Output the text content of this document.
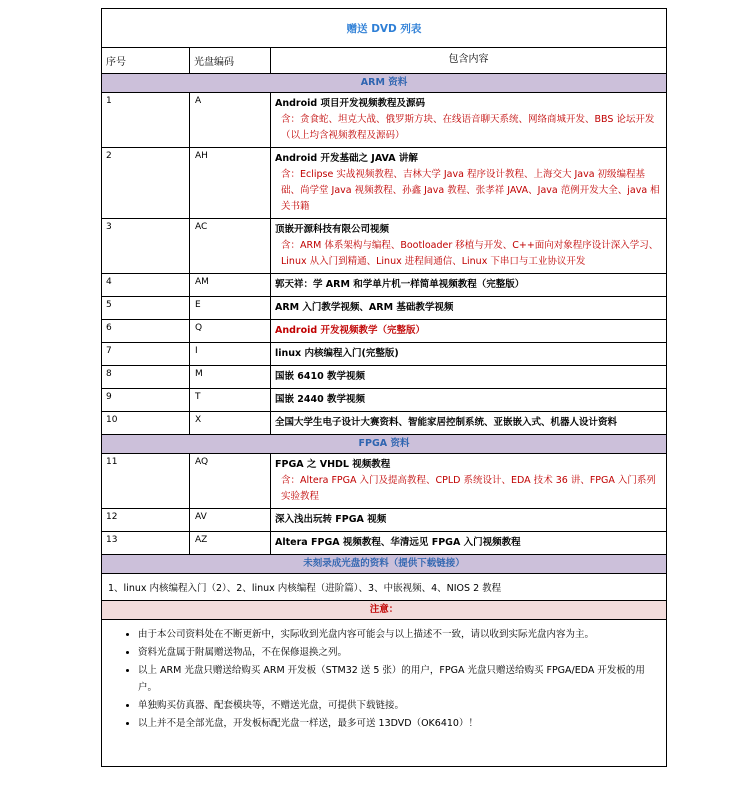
赠送 DVD 列表
序号	光盘编码	包含内容
ARM 资料
1	A	Android 项目开发视频教程及源码
含：贪食蛇、坦克大战、俄罗斯方块、在线语音聊天系统、网络商城开发、BBS 论坛开发（以上均含视频教程及源码）
2	AH	Android 开发基础之 JAVA 讲解
含：Eclipse 实战视频教程、吉林大学 Java 程序设计教程、上海交大 Java 初级编程基础、尚学堂 Java 视频教程、孙鑫 Java 教程、张孝祥 JAVA、Java 范例开发大全、java 相关书籍
3	AC	顶嵌开源科技有限公司视频
含：ARM 体系架构与编程、Bootloader 移植与开发、C++面向对象程序设计深入学习、Linux 从入门到精通、Linux 进程间通信、Linux 下串口与工业协议开发
4	AM	郭天祥：学 ARM 和学单片机一样简单视频教程（完整版）
5	E	ARM 入门教学视频、ARM 基础教学视频
6	Q	Android 开发视频教学（完整版）
7	I	linux 内核编程入门(完整版)
8	M	国嵌 6410 教学视频
9	T	国嵌 2440 教学视频
10	X	全国大学生电子设计大赛资料、智能家居控制系统、亚嵌嵌入式、机器人设计资料
FPGA 资料
11	AQ	FPGA 之 VHDL 视频教程
含：Altera FPGA 入门及提高教程、CPLD 系统设计、EDA 技术 36 讲、FPGA 入门系列实验教程
12	AV	深入浅出玩转 FPGA 视频
13	AZ	Altera FPGA 视频教程、华清远见 FPGA 入门视频教程
未刻录成光盘的资料（提供下载链接）
1、linux 内核编程入门（2）、2、linux 内核编程（进阶篇）、3、中嵌视频、4、NIOS 2 教程
注意：
• 由于本公司资料处在不断更新中，实际收到光盘内容可能会与以上描述不一致，请以收到实际光盘内容为主。
• 资料光盘属于附属赠送物品，不在保修退换之列。
• 以上 ARM 光盘只赠送给购买 ARM 开发板（STM32 送 5 张）的用户，FPGA 光盘只赠送给购买 FPGA/EDA 开发板的用户。
• 单独购买仿真器、配套模块等，不赠送光盘，可提供下载链接。
• 以上并不是全部光盘，开发板标配光盘一样送，最多可送 13DVD（OK6410）！
